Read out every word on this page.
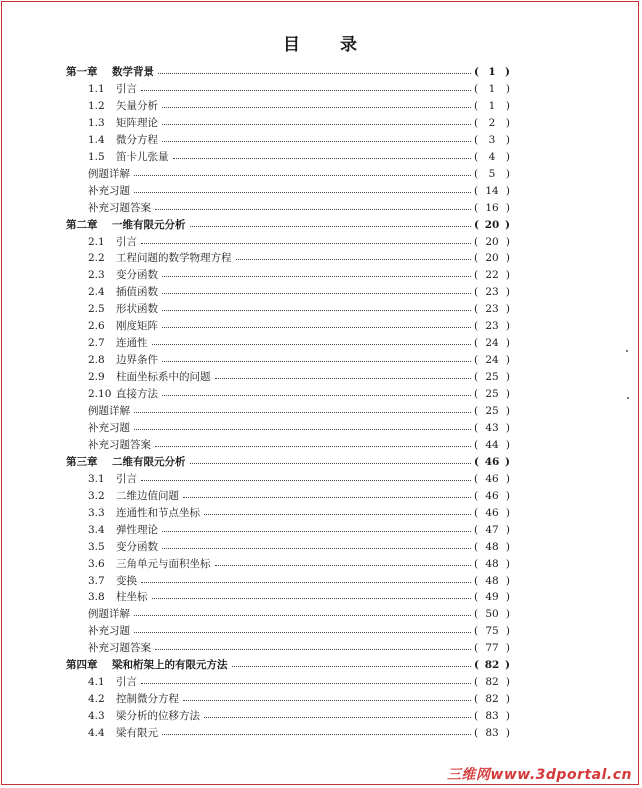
目　　录
第一章 数学背景	( 1 )
1.1 引言	(	1	)
1.2 矢量分析	(	1	)
1.3 矩阵理论	(	2	)
1.4 微分方程	(	3	)
1.5 笛卡儿张量	(	4	)
例题详解	(	5	)
补充习题	( 14 )
补充习题答案	( 16 )
第二章 一维有限元分析	( 20 )
2.1 引言	( 20 )
2.2 工程问题的数学物理方程	( 20 )
2.3 变分函数	( 22 )
2.4 插值函数	( 23 )
2.5 形状函数	( 23 )
2.6 刚度矩阵	( 23 )
2.7 连通性	( 24 )
2.8 边界条件	( 24 )
2.9 柱面坐标系中的问题	( 25 )
2.10 直接方法	( 25 )
例题详解	( 25 )
补充习题	( 43 )
补充习题答案	( 44 )
第三章 二维有限元分析	( 46 )
3.1 引言	( 46 )
3.2 二维边值问题	( 46 )
3.3 连通性和节点坐标	( 46 )
3.4 弹性理论	( 47 )
3.5 变分函数	( 48 )
3.6 三角单元与面积坐标	( 48 )
3.7 变换	( 48 )
3.8 柱坐标	( 49 )
例题详解	( 50 )
补充习题	( 75 )
补充习题答案	( 77 )
第四章 梁和桁架上的有限元方法	( 82 )
4.1 引言	( 82 )
4.2 控制微分方程	( 82 )
4.3 梁分析的位移方法	( 83 )
4.4 梁有限元	( 83 )
三维网www.3dportal.cn
